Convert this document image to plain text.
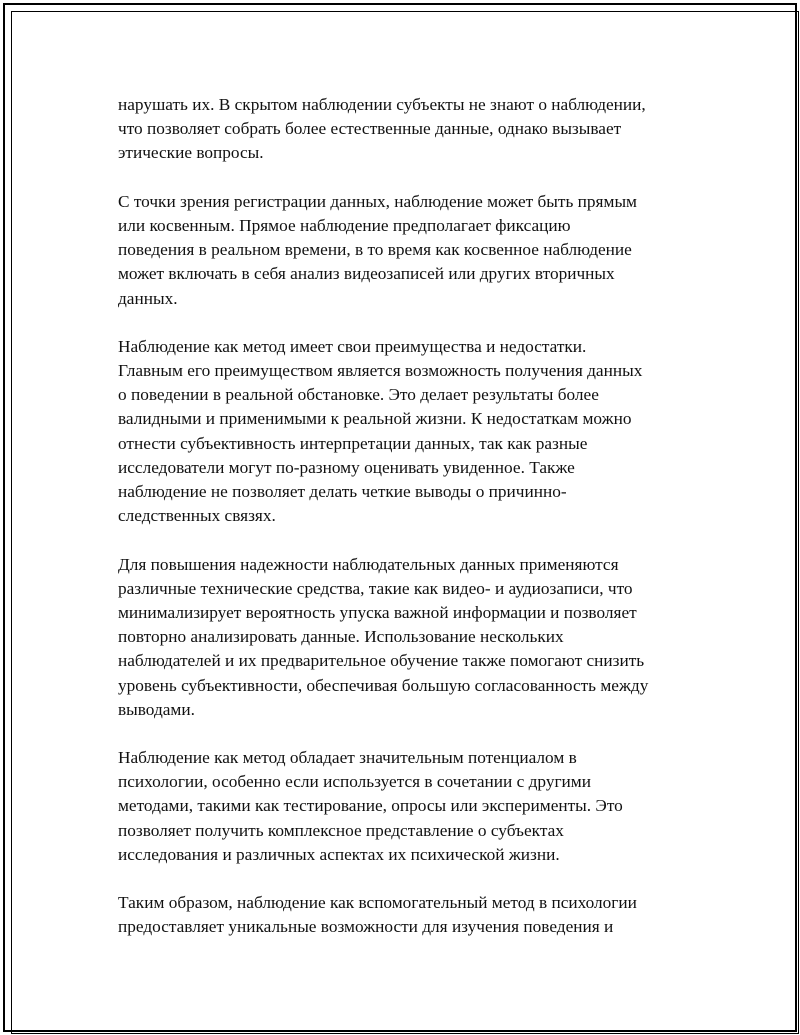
нарушать их. В скрытом наблюдении субъекты не знают о наблюдении,
что позволяет собрать более естественные данные, однако вызывает
этические вопросы.

С точки зрения регистрации данных, наблюдение может быть прямым
или косвенным. Прямое наблюдение предполагает фиксацию
поведения в реальном времени, в то время как косвенное наблюдение
может включать в себя анализ видеозаписей или других вторичных
данных.

Наблюдение как метод имеет свои преимущества и недостатки.
Главным его преимуществом является возможность получения данных
о поведении в реальной обстановке. Это делает результаты более
валидными и применимыми к реальной жизни. К недостаткам можно
отнести субъективность интерпретации данных, так как разные
исследователи могут по-разному оценивать увиденное. Также
наблюдение не позволяет делать четкие выводы о причинно-
следственных связях.

Для повышения надежности наблюдательных данных применяются
различные технические средства, такие как видео- и аудиозаписи, что
минимализирует вероятность упуска важной информации и позволяет
повторно анализировать данные. Использование нескольких
наблюдателей и их предварительное обучение также помогают снизить
уровень субъективности, обеспечивая большую согласованность между
выводами.

Наблюдение как метод обладает значительным потенциалом в
психологии, особенно если используется в сочетании с другими
методами, такими как тестирование, опросы или эксперименты. Это
позволяет получить комплексное представление о субъектах
исследования и различных аспектах их психической жизни.

Таким образом, наблюдение как вспомогательный метод в психологии
предоставляет уникальные возможности для изучения поведения и
